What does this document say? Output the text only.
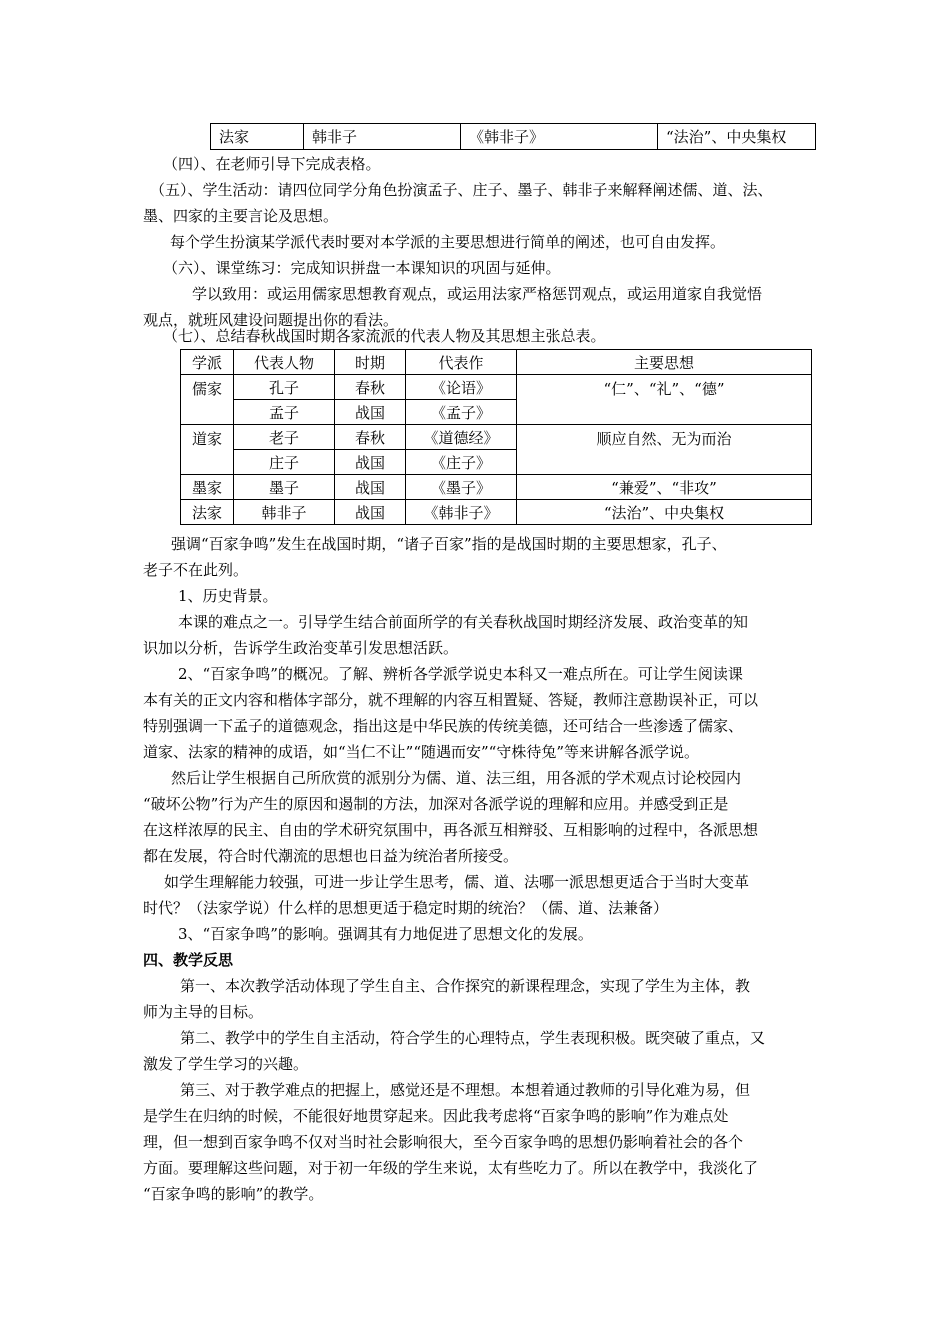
法家	韩非子	《韩非子》	“法治”、中央集权
（四）、在老师引导下完成表格。
（五）、学生活动：请四位同学分角色扮演孟子、庄子、墨子、韩非子来解释阐述儒、道、法、
墨、四家的主要言论及思想。
每个学生扮演某学派代表时要对本学派的主要思想进行简单的阐述，也可自由发挥。
（六）、课堂练习：完成知识拼盘一本课知识的巩固与延伸。
学以致用：或运用儒家思想教育观点，或运用法家严格惩罚观点，或运用道家自我觉悟
观点，就班风建设问题提出你的看法。
（七）、总结春秋战国时期各家流派的代表人物及其思想主张总表。
学派	代表人物	时期	代表作	主要思想
儒家	孔子	春秋	《论语》	“仁”、“礼”、“德”
	孟子	战国	《孟子》	
道家	老子	春秋	《道德经》	顺应自然、无为而治
	庄子	战国	《庄子》	
墨家	墨子	战国	《墨子》	“兼爱”、“非攻”
法家	韩非子	战国	《韩非子》	“法治”、中央集权
强调“百家争鸣”发生在战国时期，“诸子百家”指的是战国时期的主要思想家，孔子、
老子不在此列。
1、历史背景。
本课的难点之一。引导学生结合前面所学的有关春秋战国时期经济发展、政治变革的知
识加以分析，告诉学生政治变革引发思想活跃。
2、“百家争鸣”的概况。了解、辨析各学派学说史本科又一难点所在。可让学生阅读课
本有关的正文内容和楷体字部分，就不理解的内容互相置疑、答疑，教师注意勘误补正，可以
特别强调一下孟子的道德观念，指出这是中华民族的传统美德，还可结合一些渗透了儒家、
道家、法家的精神的成语，如“当仁不让”“随遇而安”“守株待兔”等来讲解各派学说。
然后让学生根据自己所欣赏的派别分为儒、道、法三组，用各派的学术观点讨论校园内
“破坏公物”行为产生的原因和遏制的方法，加深对各派学说的理解和应用。并感受到正是
在这样浓厚的民主、自由的学术研究氛围中，再各派互相辩驳、互相影响的过程中，各派思想
都在发展，符合时代潮流的思想也日益为统治者所接受。
如学生理解能力较强，可进一步让学生思考，儒、道、法哪一派思想更适合于当时大变革
时代？（法家学说）什么样的思想更适于稳定时期的统治？（儒、道、法兼备）
3、“百家争鸣”的影响。强调其有力地促进了思想文化的发展。
四、教学反思
第一、本次教学活动体现了学生自主、合作探究的新课程理念，实现了学生为主体，教
师为主导的目标。
第二、教学中的学生自主活动，符合学生的心理特点，学生表现积极。既突破了重点，又
激发了学生学习的兴趣。
第三、对于教学难点的把握上，感觉还是不理想。本想着通过教师的引导化难为易，但
是学生在归纳的时候，不能很好地贯穿起来。因此我考虑将“百家争鸣的影响”作为难点处
理，但一想到百家争鸣不仅对当时社会影响很大，至今百家争鸣的思想仍影响着社会的各个
方面。要理解这些问题，对于初一年级的学生来说，太有些吃力了。所以在教学中，我淡化了
“百家争鸣的影响”的教学。
